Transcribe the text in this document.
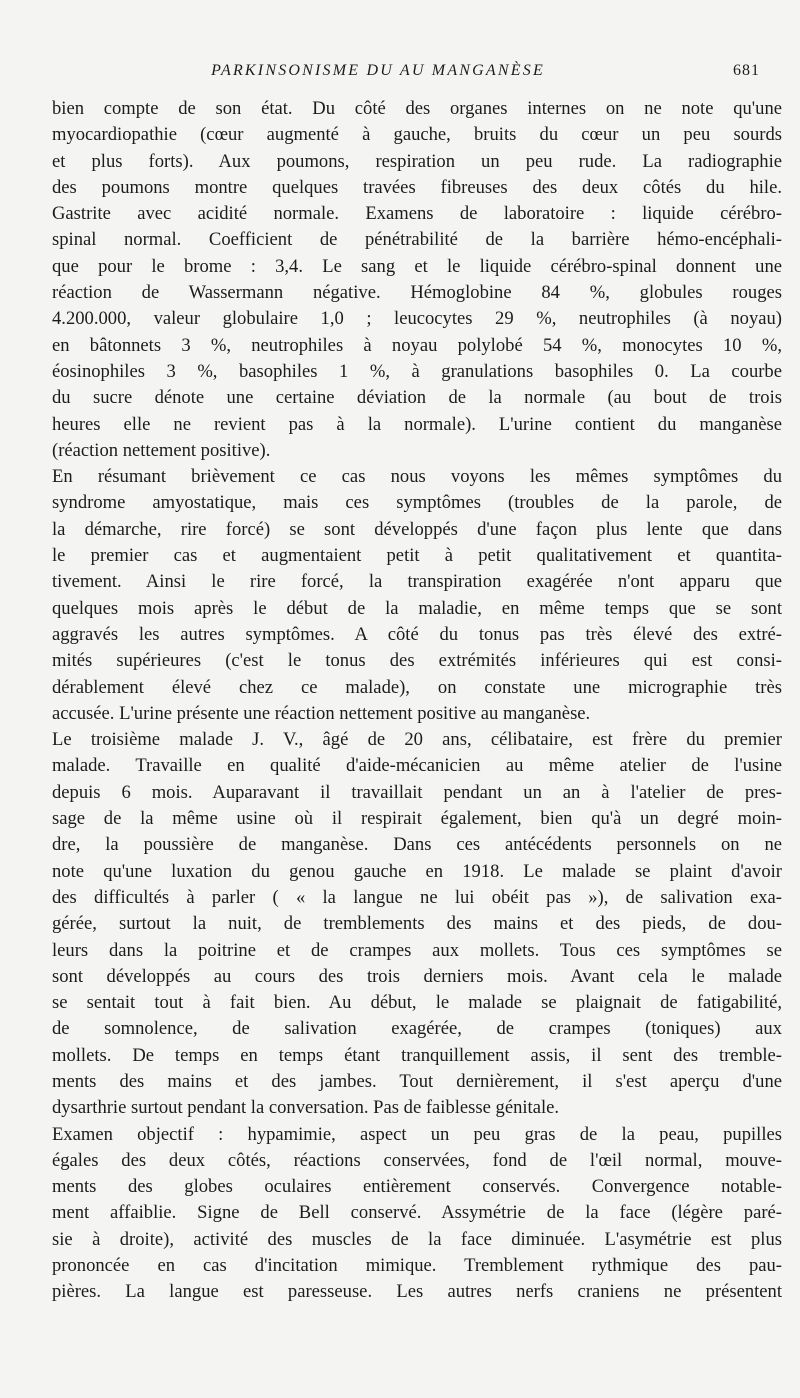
PARKINSONISME DU AU MANGANÈSE	681
bien compte de son état. Du côté des organes internes on ne note qu'une
myocardiopathie (cœur augmenté à gauche, bruits du cœur un peu sourds
et plus forts). Aux poumons, respiration un peu rude. La radiographie
des poumons montre quelques travées fibreuses des deux côtés du hile.
Gastrite avec acidité normale. Examens de laboratoire : liquide cérébro-
spinal normal. Coefficient de pénétrabilité de la barrière hémo-encéphali-
que pour le brome : 3,4. Le sang et le liquide cérébro-spinal donnent une
réaction de Wassermann négative. Hémoglobine 84 %, globules rouges
4.200.000, valeur globulaire 1,0 ; leucocytes 29 %, neutrophiles (à noyau)
en bâtonnets 3 %, neutrophiles à noyau polylobé 54 %, monocytes 10 %,
éosinophiles 3 %, basophiles 1 %, à granulations basophiles 0. La courbe
du sucre dénote une certaine déviation de la normale (au bout de trois
heures elle ne revient pas à la normale). L'urine contient du manganèse
(réaction nettement positive).
En résumant brièvement ce cas nous voyons les mêmes symptômes du
syndrome amyostatique, mais ces symptômes (troubles de la parole, de
la démarche, rire forcé) se sont développés d'une façon plus lente que dans
le premier cas et augmentaient petit à petit qualitativement et quantita-
tivement. Ainsi le rire forcé, la transpiration exagérée n'ont apparu que
quelques mois après le début de la maladie, en même temps que se sont
aggravés les autres symptômes. A côté du tonus pas très élevé des extré-
mités supérieures (c'est le tonus des extrémités inférieures qui est consi-
dérablement élevé chez ce malade), on constate une micrographie très
accusée. L'urine présente une réaction nettement positive au manganèse.
Le troisième malade J. V., âgé de 20 ans, célibataire, est frère du premier
malade. Travaille en qualité d'aide-mécanicien au même atelier de l'usine
depuis 6 mois. Auparavant il travaillait pendant un an à l'atelier de pres-
sage de la même usine où il respirait également, bien qu'à un degré moin-
dre, la poussière de manganèse. Dans ces antécédents personnels on ne
note qu'une luxation du genou gauche en 1918. Le malade se plaint d'avoir
des difficultés à parler ( « la langue ne lui obéit pas »), de salivation exa-
gérée, surtout la nuit, de tremblements des mains et des pieds, de dou-
leurs dans la poitrine et de crampes aux mollets. Tous ces symptômes se
sont développés au cours des trois derniers mois. Avant cela le malade
se sentait tout à fait bien. Au début, le malade se plaignait de fatigabilité,
de somnolence, de salivation exagérée, de crampes (toniques) aux
mollets. De temps en temps étant tranquillement assis, il sent des tremble-
ments des mains et des jambes. Tout dernièrement, il s'est aperçu d'une
dysarthrie surtout pendant la conversation. Pas de faiblesse génitale.
Examen objectif : hypamimie, aspect un peu gras de la peau, pupilles
égales des deux côtés, réactions conservées, fond de l'œil normal, mouve-
ments des globes oculaires entièrement conservés. Convergence notable-
ment affaiblie. Signe de Bell conservé. Assymétrie de la face (légère paré-
sie à droite), activité des muscles de la face diminuée. L'asymétrie est plus
prononcée en cas d'incitation mimique. Tremblement rythmique des pau-
pières. La langue est paresseuse. Les autres nerfs craniens ne présentent
